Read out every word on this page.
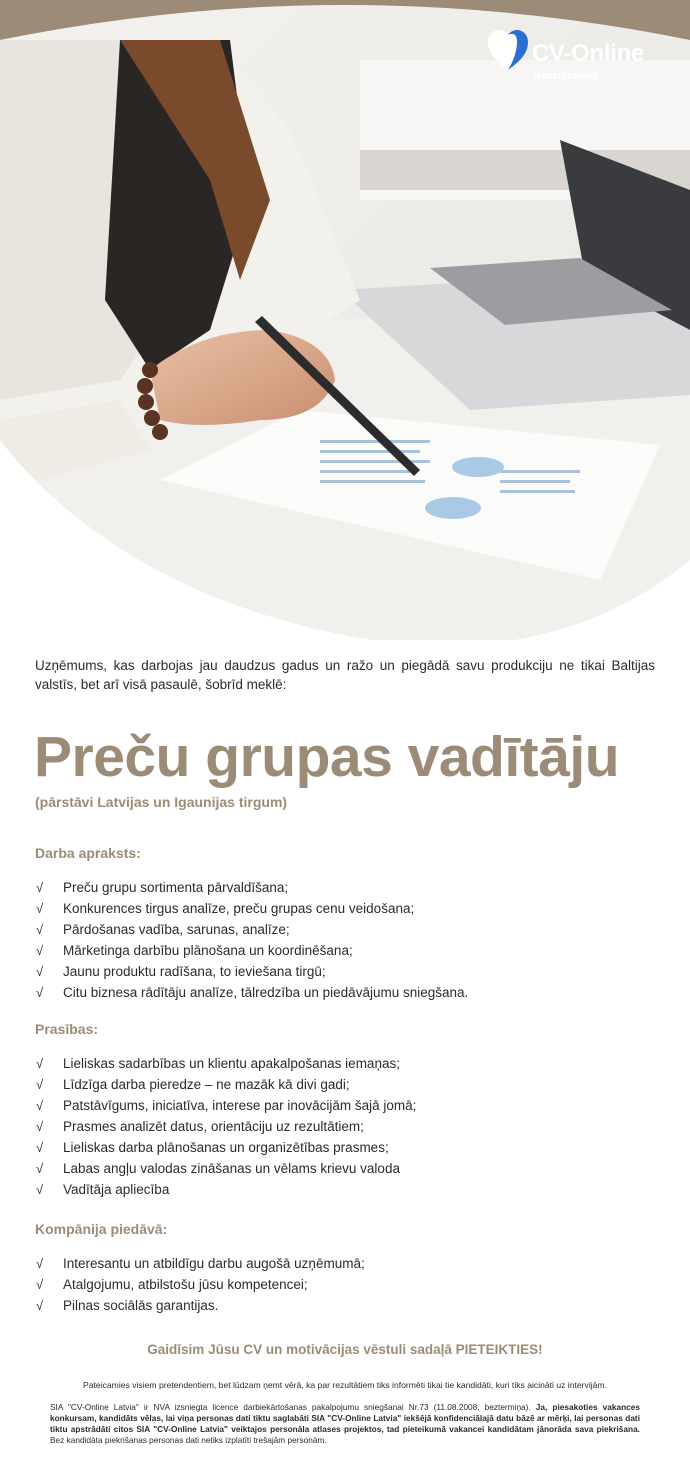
CV-Online
Recruitment
Uzņēmums, kas darbojas jau daudzus gadus un ražo un piegādā savu produkciju ne tikai Baltijas valstīs, bet arī visā pasaulē, šobrīd meklē:
Preču grupas vadītāju
(pārstāvi Latvijas un Igaunijas tirgum)
Darba apraksts:
√ Preču grupu sortimenta pārvaldīšana;
√ Konkurences tirgus analīze, preču grupas cenu veidošana;
√ Pārdošanas vadība, sarunas, analīze;
√ Mārketinga darbību plānošana un koordinēšana;
√ Jaunu produktu radīšana, to ieviešana tirgū;
√ Citu biznesa rādītāju analīze, tālredzība un piedāvājumu sniegšana.
Prasības:
√ Lieliskas sadarbības un klientu apakalpošanas iemaņas;
√ Līdzīga darba pieredze – ne mazāk kā divi gadi;
√ Patstāvīgums, iniciatīva, interese par inovācijām šajā jomā;
√ Prasmes analizēt datus, orientāciju uz rezultātiem;
√ Lieliskas darba plānošanas un organizētības prasmes;
√ Labas angļu valodas zināšanas un vēlams krievu valoda
√ Vadītāja apliecība
Kompānija piedāvā:
√ Interesantu un atbildīgu darbu augošā uzņēmumā;
√ Atalgojumu, atbilstošu jūsu kompetencei;
√ Pilnas sociālās garantijas.
Gaidīsim Jūsu CV un motivācijas vēstuli sadaļā PIETEIKTIES!
Pateicamies visiem pretendentiem, bet lūdzam ņemt vērā, ka par rezultātiem tiks informēti tikai tie kandidāti, kuri tiks aicināti uz intervijām.
SIA "CV-Online Latvia" ir NVA izsniegta licence darbiekārtošanas pakalpojumu sniegšanai Nr.73 (11.08.2008, beztermiņa). Ja, piesakoties vakances konkursam, kandidāts vēlas, lai viņa personas dati tiktu saglabāti SIA "CV-Online Latvia" iekšējā konfidenciālajā datu bāzē ar mērķi, lai personas dati tiktu apstrādāti citos SIA "CV-Online Latvia" veiktajos personāla atlases projektos, tad pieteikumā vakancei kandidātam jānorāda sava piekrišana. Bez kandidāta piekrišanas personas dati netiks izplatīti trešajām personām.
